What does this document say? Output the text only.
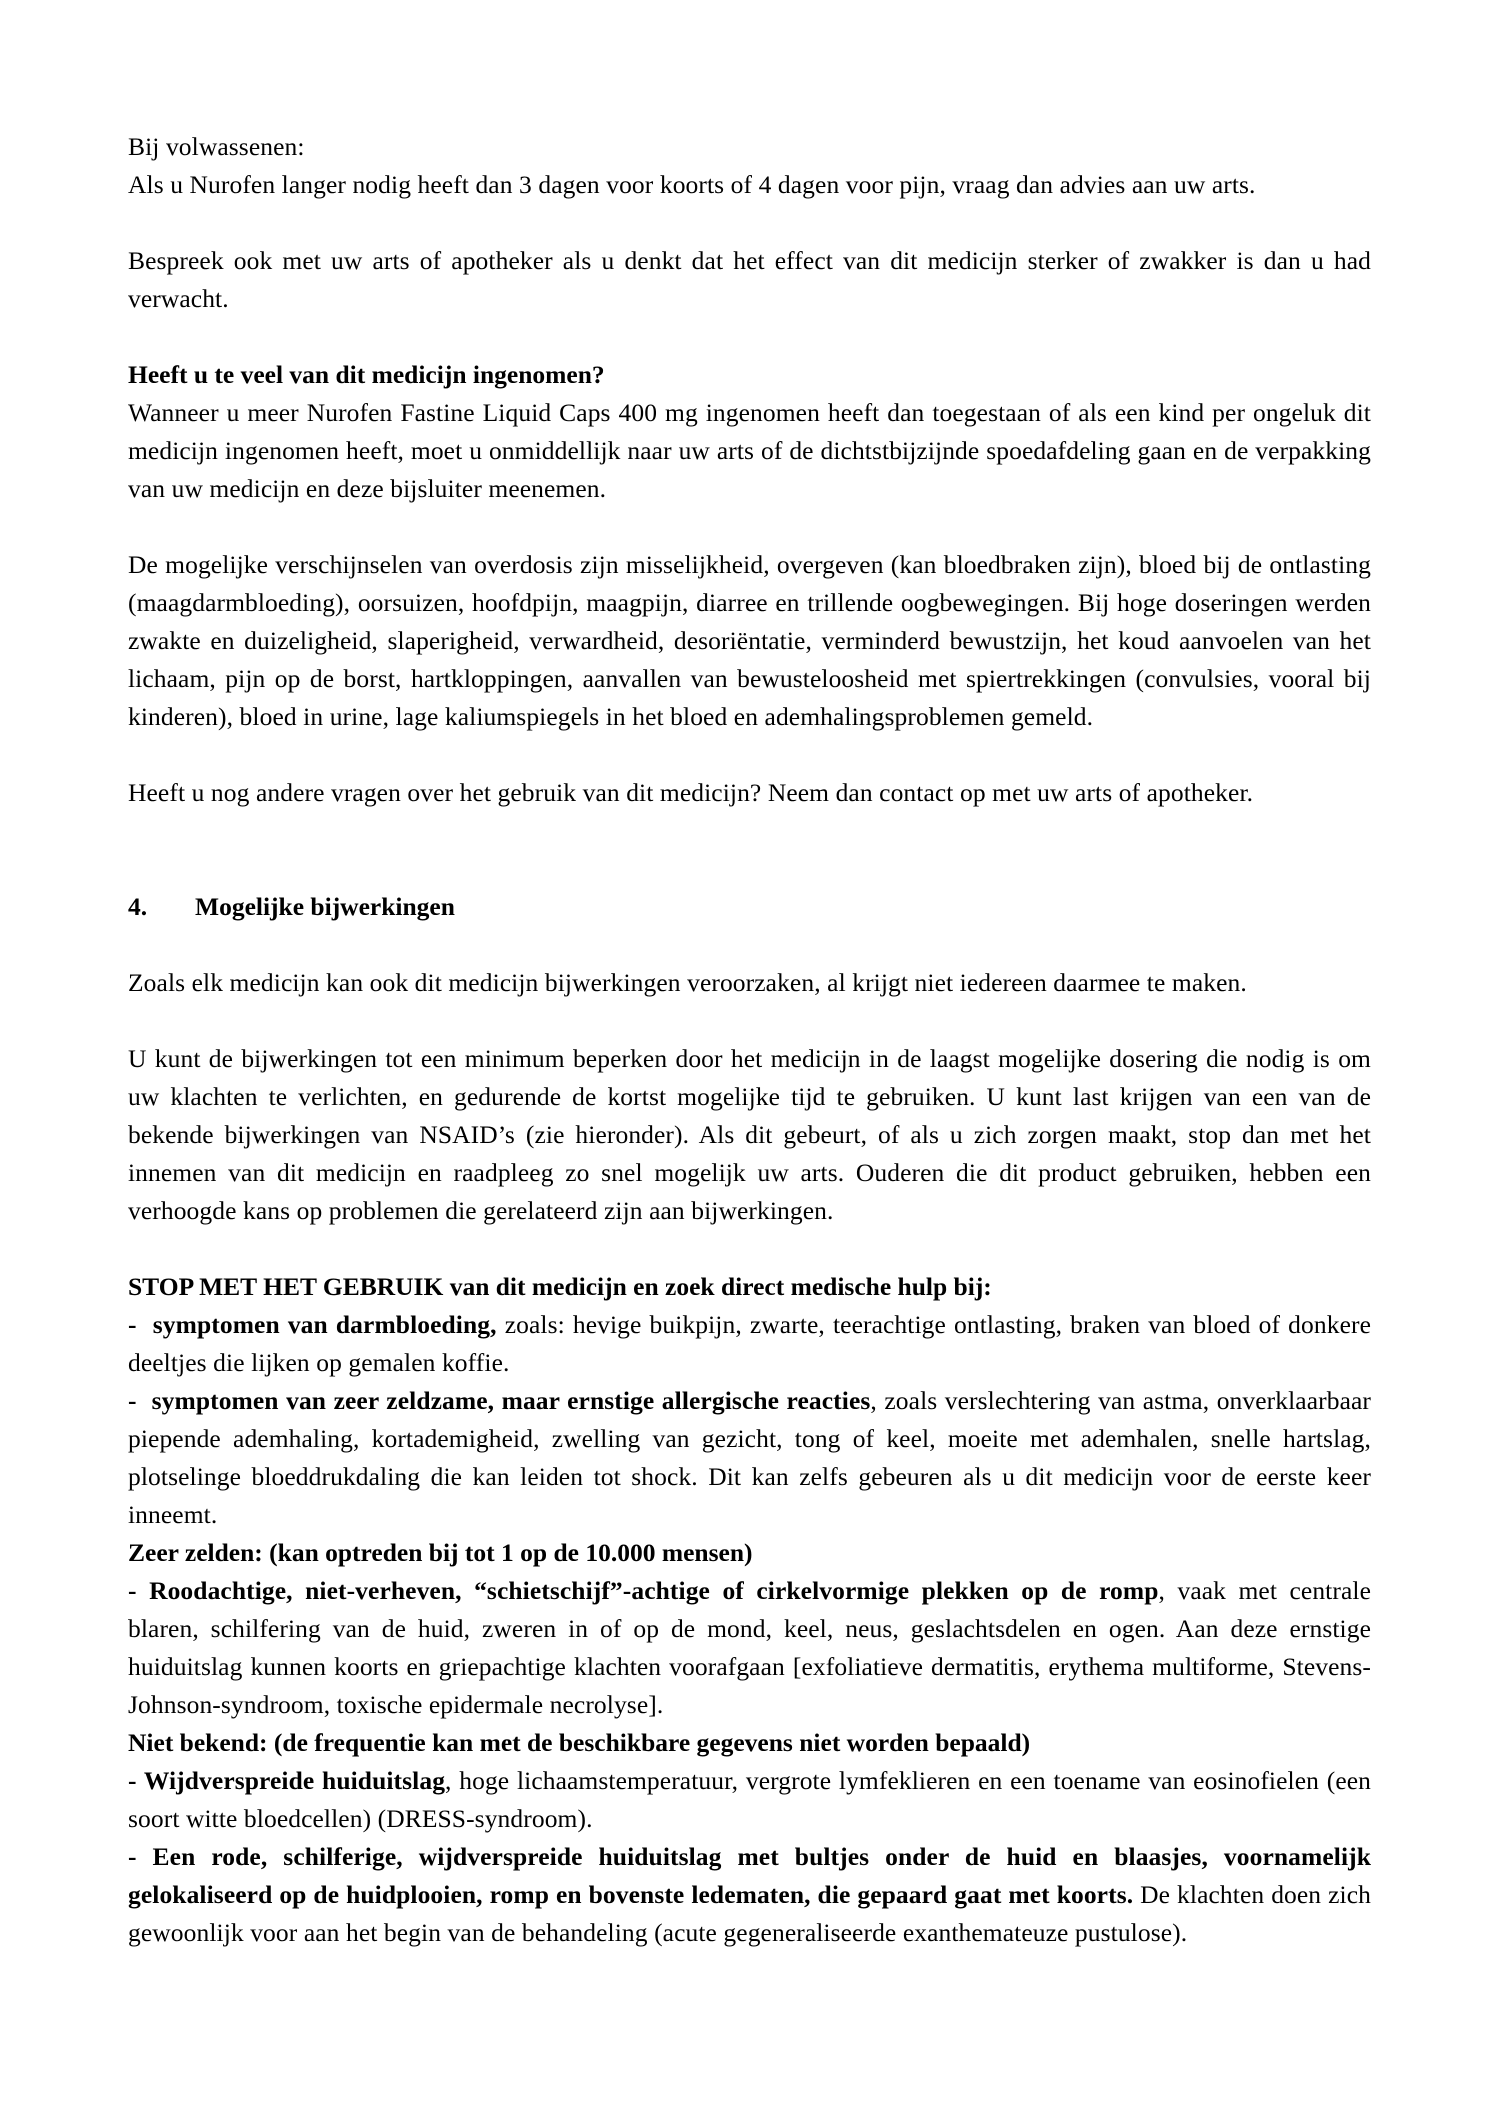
Bij volwassenen:

Als u Nurofen langer nodig heeft dan 3 dagen voor koorts of 4 dagen voor pijn, vraag dan advies aan uw arts.

Bespreek ook met uw arts of apotheker als u denkt dat het effect van dit medicijn sterker of zwakker is dan u had verwacht.

Heeft u te veel van dit medicijn ingenomen?

Wanneer u meer Nurofen Fastine Liquid Caps 400 mg ingenomen heeft dan toegestaan of als een kind per ongeluk dit medicijn ingenomen heeft, moet u onmiddellijk naar uw arts of de dichtstbijzijnde spoedafdeling gaan en de verpakking van uw medicijn en deze bijsluiter meenemen.

De mogelijke verschijnselen van overdosis zijn misselijkheid, overgeven (kan bloedbraken zijn), bloed bij de ontlasting (maagdarmbloeding), oorsuizen, hoofdpijn, maagpijn, diarree en trillende oogbewegingen. Bij hoge doseringen werden zwakte en duizeligheid, slaperigheid, verwardheid, desoriëntatie, verminderd bewustzijn, het koud aanvoelen van het lichaam, pijn op de borst, hartkloppingen, aanvallen van bewusteloosheid met spiertrekkingen (convulsies, vooral bij kinderen), bloed in urine, lage kaliumspiegels in het bloed en ademhalingsproblemen gemeld.

Heeft u nog andere vragen over het gebruik van dit medicijn? Neem dan contact op met uw arts of apotheker.

4.	Mogelijke bijwerkingen

Zoals elk medicijn kan ook dit medicijn bijwerkingen veroorzaken, al krijgt niet iedereen daarmee te maken.

U kunt de bijwerkingen tot een minimum beperken door het medicijn in de laagst mogelijke dosering die nodig is om uw klachten te verlichten, en gedurende de kortst mogelijke tijd te gebruiken. U kunt last krijgen van een van de bekende bijwerkingen van NSAID’s (zie hieronder). Als dit gebeurt, of als u zich zorgen maakt, stop dan met het innemen van dit medicijn en raadpleeg zo snel mogelijk uw arts. Ouderen die dit product gebruiken, hebben een verhoogde kans op problemen die gerelateerd zijn aan bijwerkingen.

STOP MET HET GEBRUIK van dit medicijn en zoek direct medische hulp bij:

- symptomen van darmbloeding, zoals: hevige buikpijn, zwarte, teerachtige ontlasting, braken van bloed of donkere deeltjes die lijken op gemalen koffie.

- symptomen van zeer zeldzame, maar ernstige allergische reacties, zoals verslechtering van astma, onverklaarbaar piepende ademhaling, kortademigheid, zwelling van gezicht, tong of keel, moeite met ademhalen, snelle hartslag, plotselinge bloeddrukdaling die kan leiden tot shock. Dit kan zelfs gebeuren als u dit medicijn voor de eerste keer inneemt.

Zeer zelden: (kan optreden bij tot 1 op de 10.000 mensen)

- Roodachtige, niet-verheven, “schietschijf”-achtige of cirkelvormige plekken op de romp, vaak met centrale blaren, schilfering van de huid, zweren in of op de mond, keel, neus, geslachtsdelen en ogen. Aan deze ernstige huiduitslag kunnen koorts en griepachtige klachten voorafgaan [exfoliatieve dermatitis, erythema multiforme, Stevens-Johnson-syndroom, toxische epidermale necrolyse].

Niet bekend: (de frequentie kan met de beschikbare gegevens niet worden bepaald)

- Wijdverspreide huiduitslag, hoge lichaamstemperatuur, vergrote lymfeklieren en een toename van eosinofielen (een soort witte bloedcellen) (DRESS-syndroom).

- Een rode, schilferige, wijdverspreide huiduitslag met bultjes onder de huid en blaasjes, voornamelijk gelokaliseerd op de huidplooien, romp en bovenste ledematen, die gepaard gaat met koorts. De klachten doen zich gewoonlijk voor aan het begin van de behandeling (acute gegeneraliseerde exanthemateuze pustulose).
